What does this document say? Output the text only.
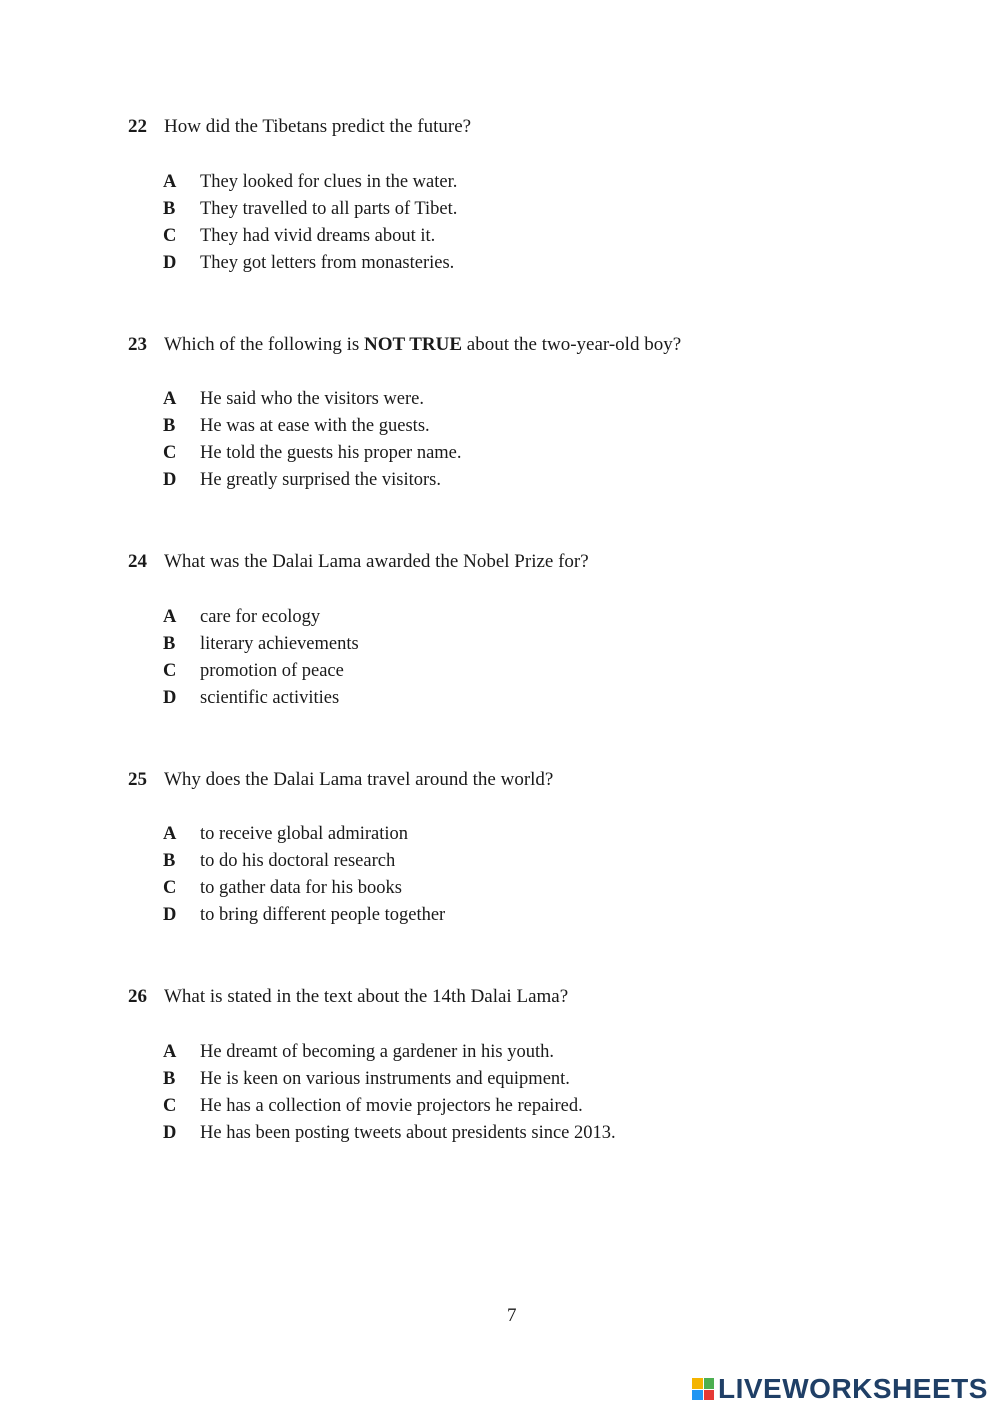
22 How did the Tibetans predict the future?
A They looked for clues in the water.
B They travelled to all parts of Tibet.
C They had vivid dreams about it.
D They got letters from monasteries.
23 Which of the following is NOT TRUE about the two-year-old boy?
A He said who the visitors were.
B He was at ease with the guests.
C He told the guests his proper name.
D He greatly surprised the visitors.
24 What was the Dalai Lama awarded the Nobel Prize for?
A care for ecology
B literary achievements
C promotion of peace
D scientific activities
25 Why does the Dalai Lama travel around the world?
A to receive global admiration
B to do his doctoral research
C to gather data for his books
D to bring different people together
26 What is stated in the text about the 14th Dalai Lama?
A He dreamt of becoming a gardener in his youth.
B He is keen on various instruments and equipment.
C He has a collection of movie projectors he repaired.
D He has been posting tweets about presidents since 2013.
7
LIVEWORKSHEETS
